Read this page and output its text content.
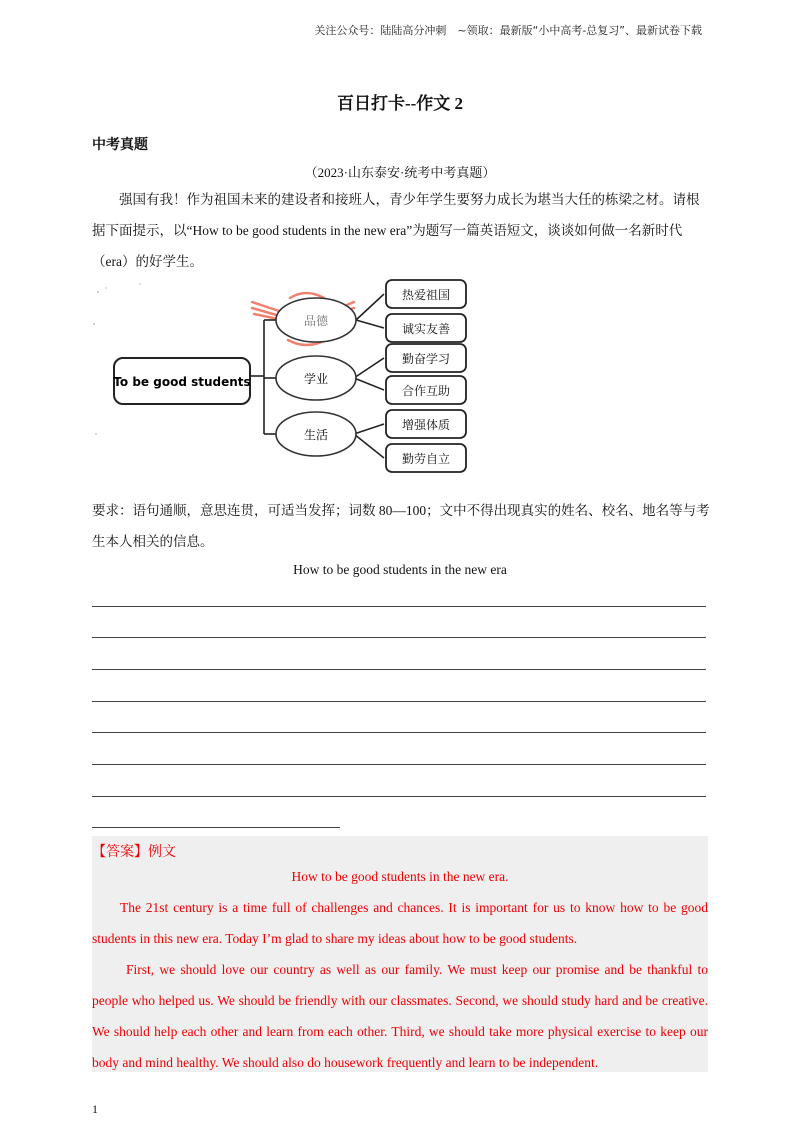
关注公众号：陆陆高分冲刺　~领取：最新版“小中高考-总复习”、最新试卷下载
百日打卡--作文 2
中考真题
（2023·山东泰安·统考中考真题）
强国有我！作为祖国未来的建设者和接班人，青少年学生要努力成长为堪当大任的栋梁之材。请根据下面提示，以“How to be good students in the new era”为题写一篇英语短文，谈谈如何做一名新时代（era）的好学生。
To be good students
品德
学业
生活
热爱祖国
诚实友善
勤奋学习
合作互助
增强体质
勤劳自立
要求：语句通顺，意思连贯，可适当发挥；词数 80—100；文中不得出现真实的姓名、校名、地名等与考生本人相关的信息。
How to be good students in the new era
【答案】例文
How to be good students in the new era.
The 21st century is a time full of challenges and chances. It is important for us to know how to be good students in this new era. Today I’m glad to share my ideas about how to be good students.
First, we should love our country as well as our family. We must keep our promise and be thankful to people who helped us. We should be friendly with our classmates. Second, we should study hard and be creative. We should help each other and learn from each other. Third, we should take more physical exercise to keep our body and mind healthy. We should also do housework frequently and learn to be independent.
1
